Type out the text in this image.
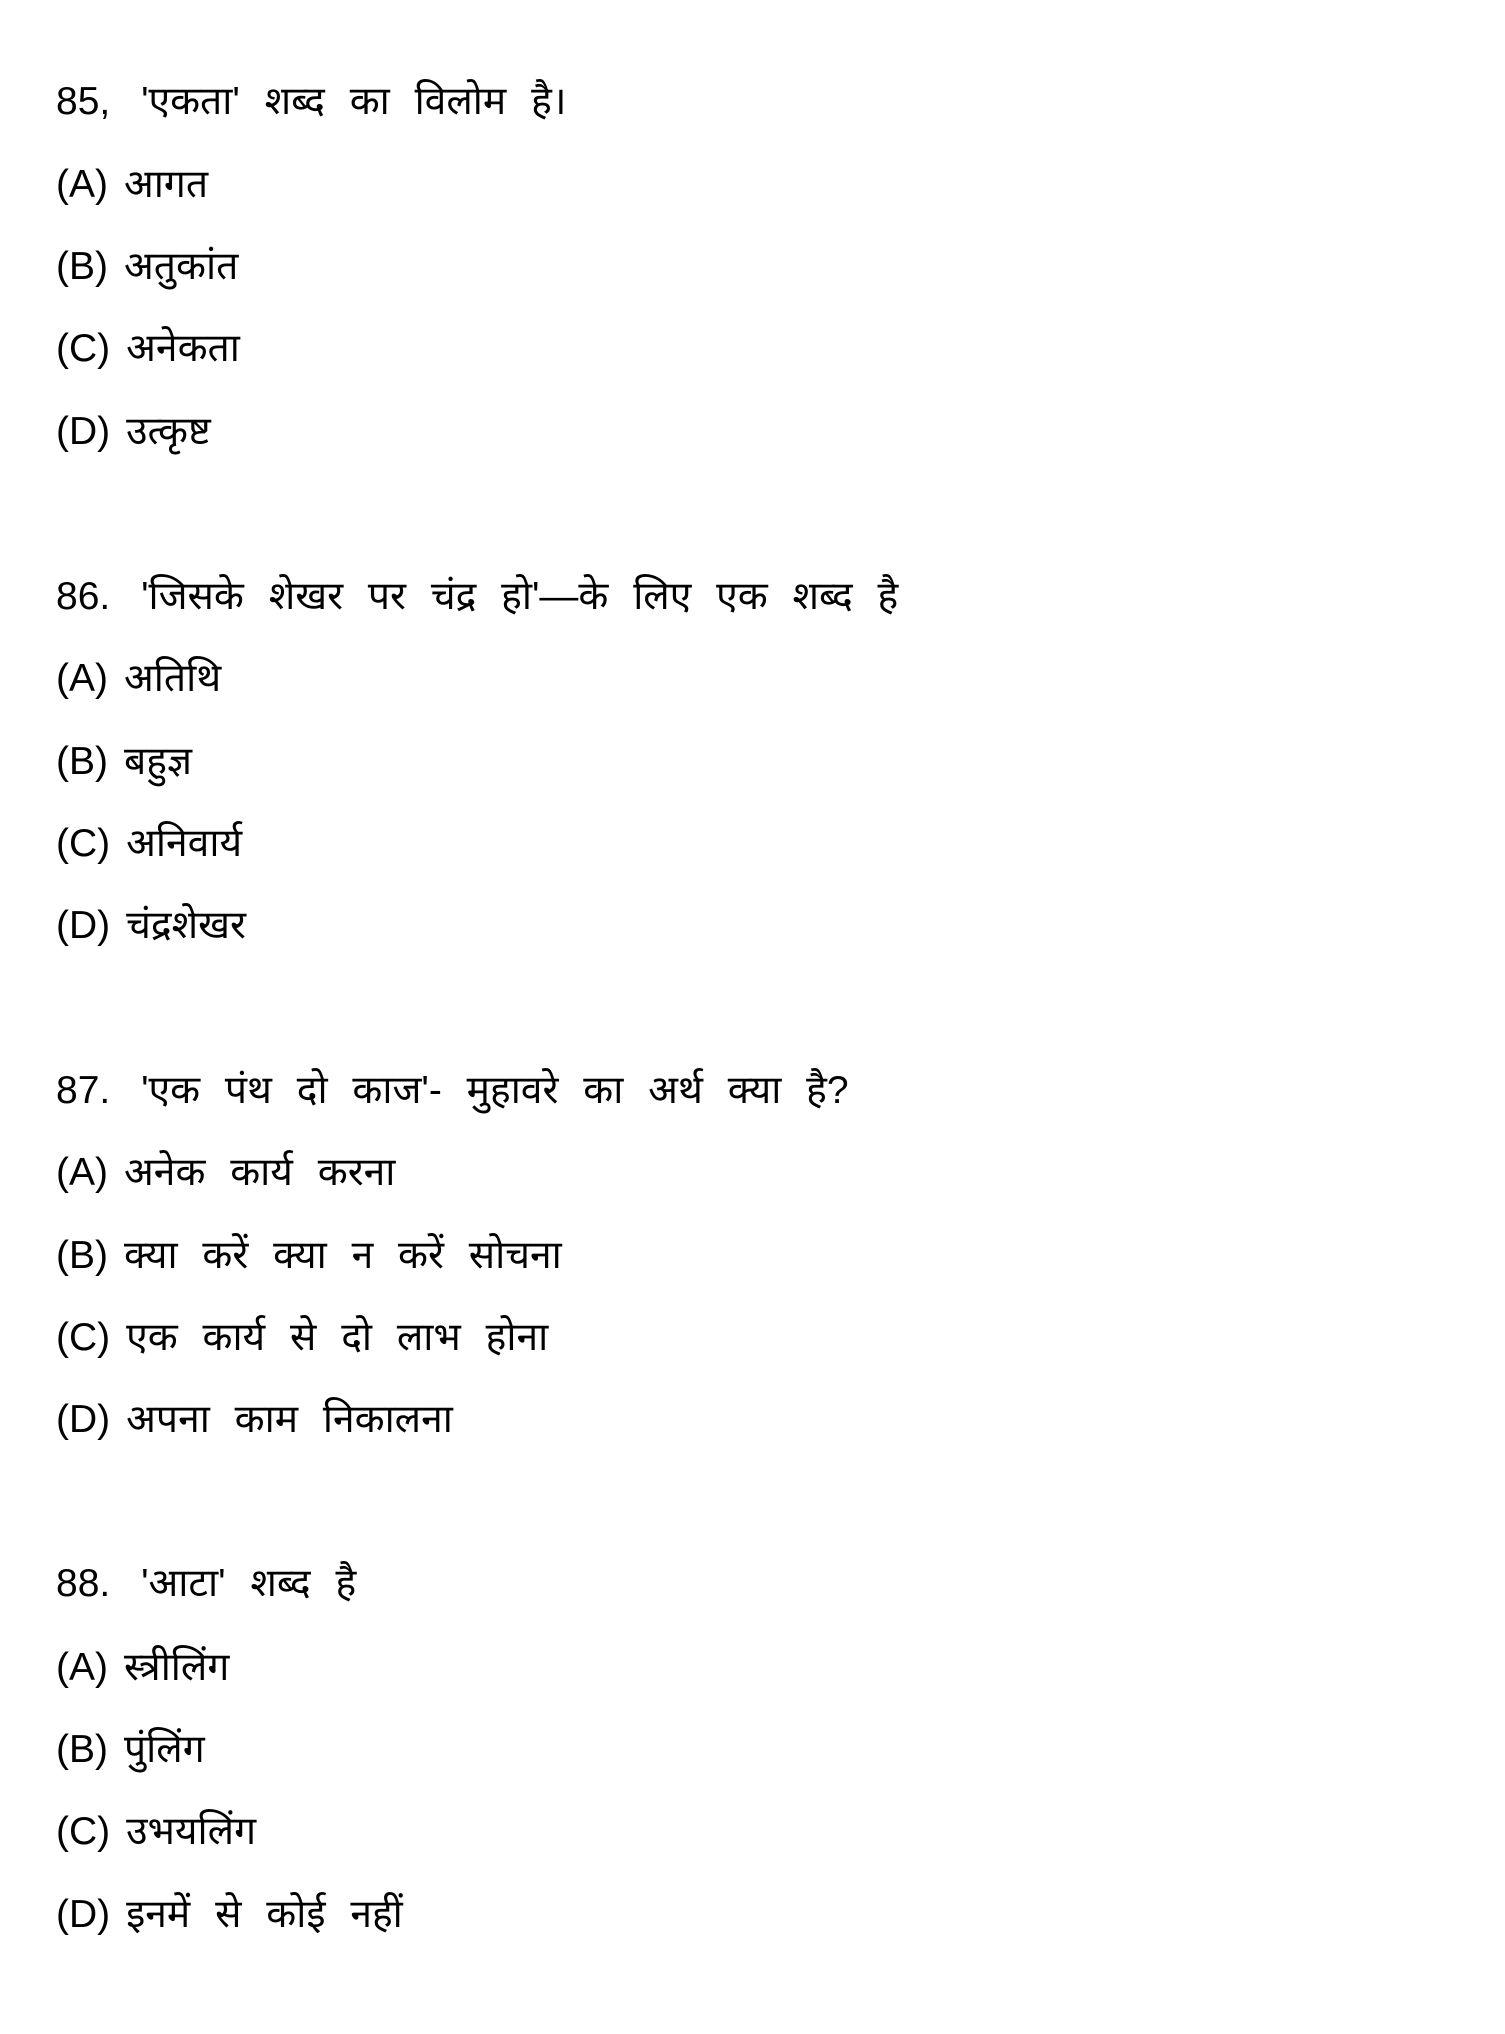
85, 'एकता' शब्द का विलोम है।
(A) आगत
(B) अतुकांत
(C) अनेकता
(D) उत्कृष्ट
86. 'जिसके शेखर पर चंद्र हो'—के लिए एक शब्द है
(A) अतिथि
(B) बहुज्ञ
(C) अनिवार्य
(D) चंद्रशेखर
87. 'एक पंथ दो काज'- मुहावरे का अर्थ क्या है?
(A) अनेक कार्य करना
(B) क्या करें क्या न करें सोचना
(C) एक कार्य से दो लाभ होना
(D) अपना काम निकालना
88. 'आटा' शब्द है
(A) स्त्रीलिंग
(B) पुंलिंग
(C) उभयलिंग
(D) इनमें से कोई नहीं
